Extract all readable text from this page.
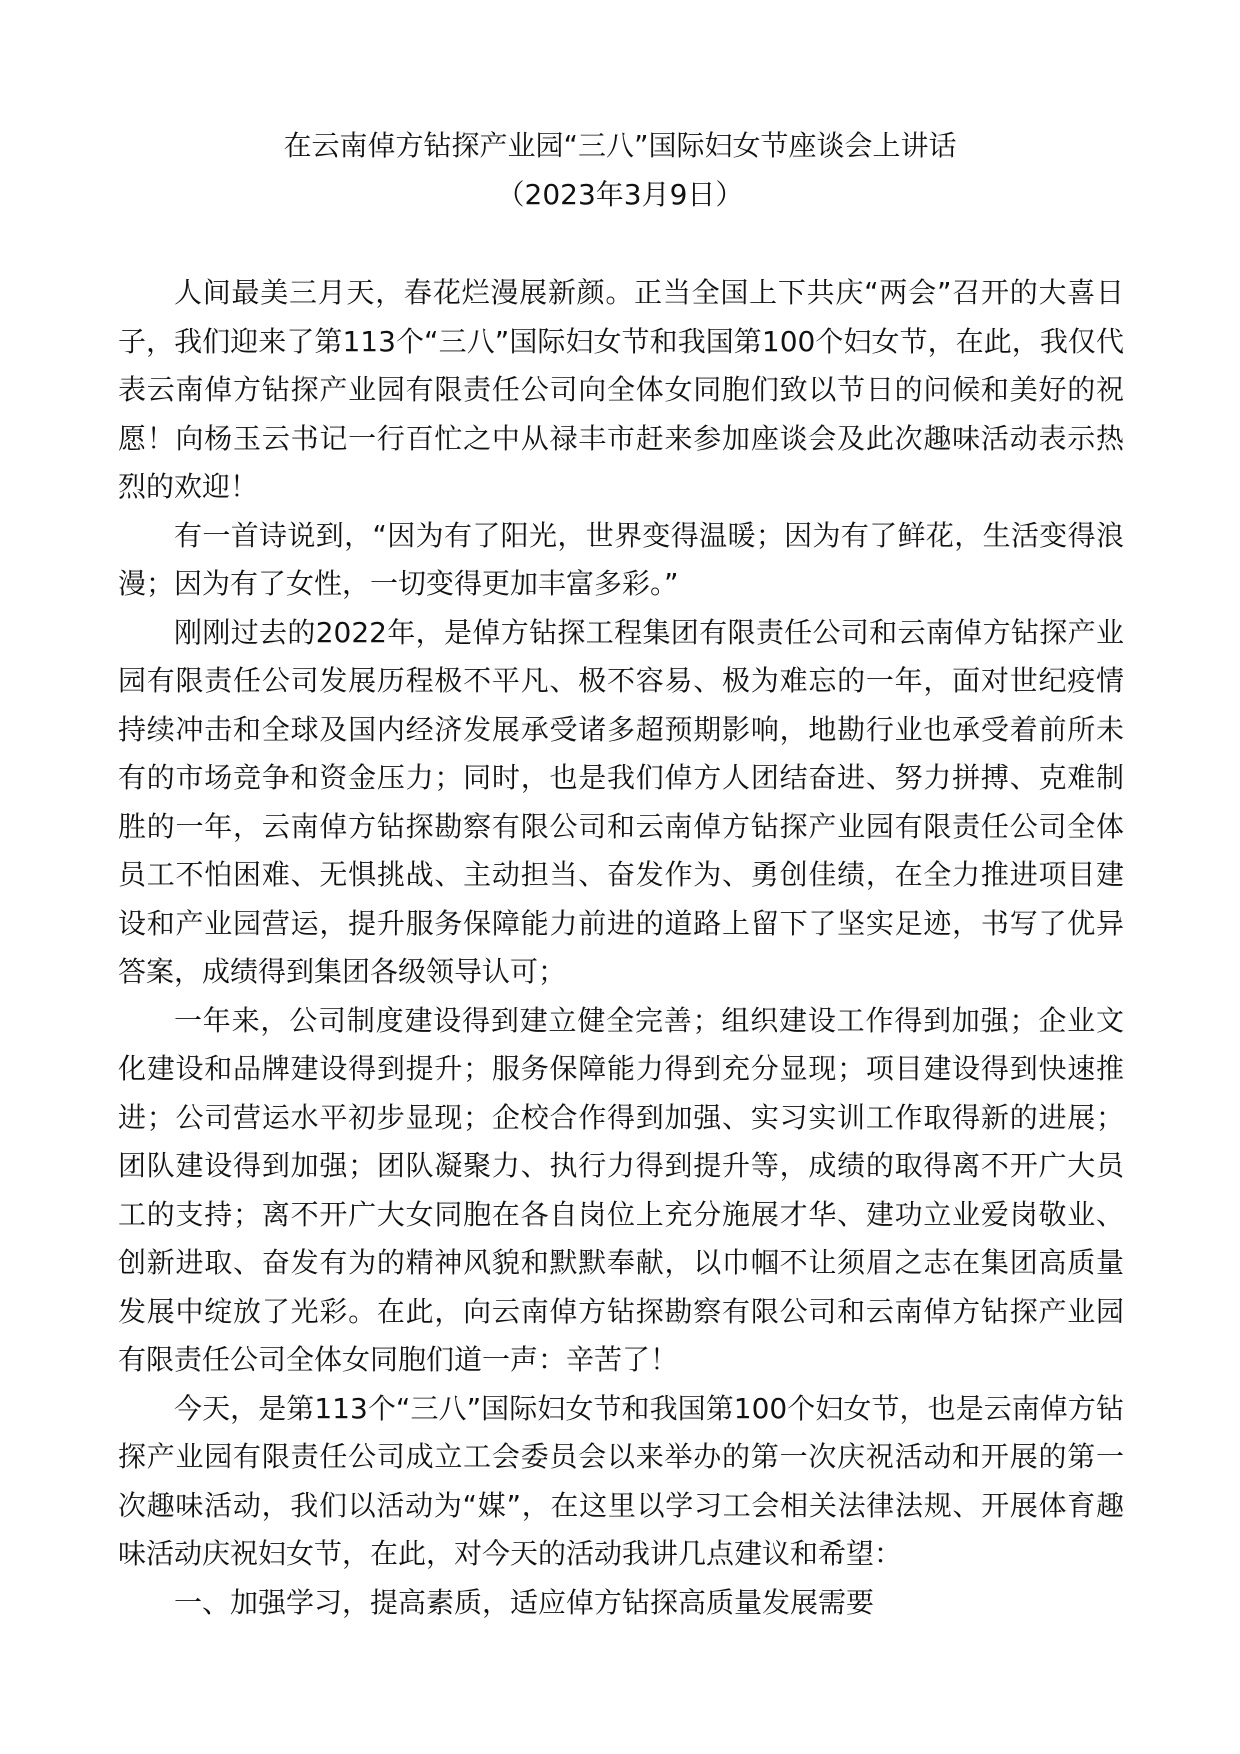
在云南倬方钻探产业园“三八”国际妇女节座谈会上讲话
（2023年3月9日）

人间最美三月天，春花烂漫展新颜。正当全国上下共庆“两会”召开的大喜日子，我们迎来了第113个“三八”国际妇女节和我国第100个妇女节，在此，我仅代表云南倬方钻探产业园有限责任公司向全体女同胞们致以节日的问候和美好的祝愿！向杨玉云书记一行百忙之中从禄丰市赶来参加座谈会及此次趣味活动表示热烈的欢迎！

有一首诗说到，“因为有了阳光，世界变得温暖；因为有了鲜花，生活变得浪漫；因为有了女性，一切变得更加丰富多彩。”

刚刚过去的2022年，是倬方钻探工程集团有限责任公司和云南倬方钻探产业园有限责任公司发展历程极不平凡、极不容易、极为难忘的一年，面对世纪疫情持续冲击和全球及国内经济发展承受诸多超预期影响，地勘行业也承受着前所未有的市场竞争和资金压力；同时，也是我们倬方人团结奋进、努力拼搏、克难制胜的一年，云南倬方钻探勘察有限公司和云南倬方钻探产业园有限责任公司全体员工不怕困难、无惧挑战、主动担当、奋发作为、勇创佳绩，在全力推进项目建设和产业园营运，提升服务保障能力前进的道路上留下了坚实足迹，书写了优异答案，成绩得到集团各级领导认可；

一年来，公司制度建设得到建立健全完善；组织建设工作得到加强；企业文化建设和品牌建设得到提升；服务保障能力得到充分显现；项目建设得到快速推进；公司营运水平初步显现；企校合作得到加强、实习实训工作取得新的进展；团队建设得到加强；团队凝聚力、执行力得到提升等，成绩的取得离不开广大员工的支持；离不开广大女同胞在各自岗位上充分施展才华、建功立业爱岗敬业、创新进取、奋发有为的精神风貌和默默奉献，以巾帼不让须眉之志在集团高质量发展中绽放了光彩。在此，向云南倬方钻探勘察有限公司和云南倬方钻探产业园有限责任公司全体女同胞们道一声：辛苦了！

今天，是第113个“三八”国际妇女节和我国第100个妇女节，也是云南倬方钻探产业园有限责任公司成立工会委员会以来举办的第一次庆祝活动和开展的第一次趣味活动，我们以活动为“媒”，在这里以学习工会相关法律法规、开展体育趣味活动庆祝妇女节，在此，对今天的活动我讲几点建议和希望：

一、加强学习，提高素质，适应倬方钻探高质量发展需要
